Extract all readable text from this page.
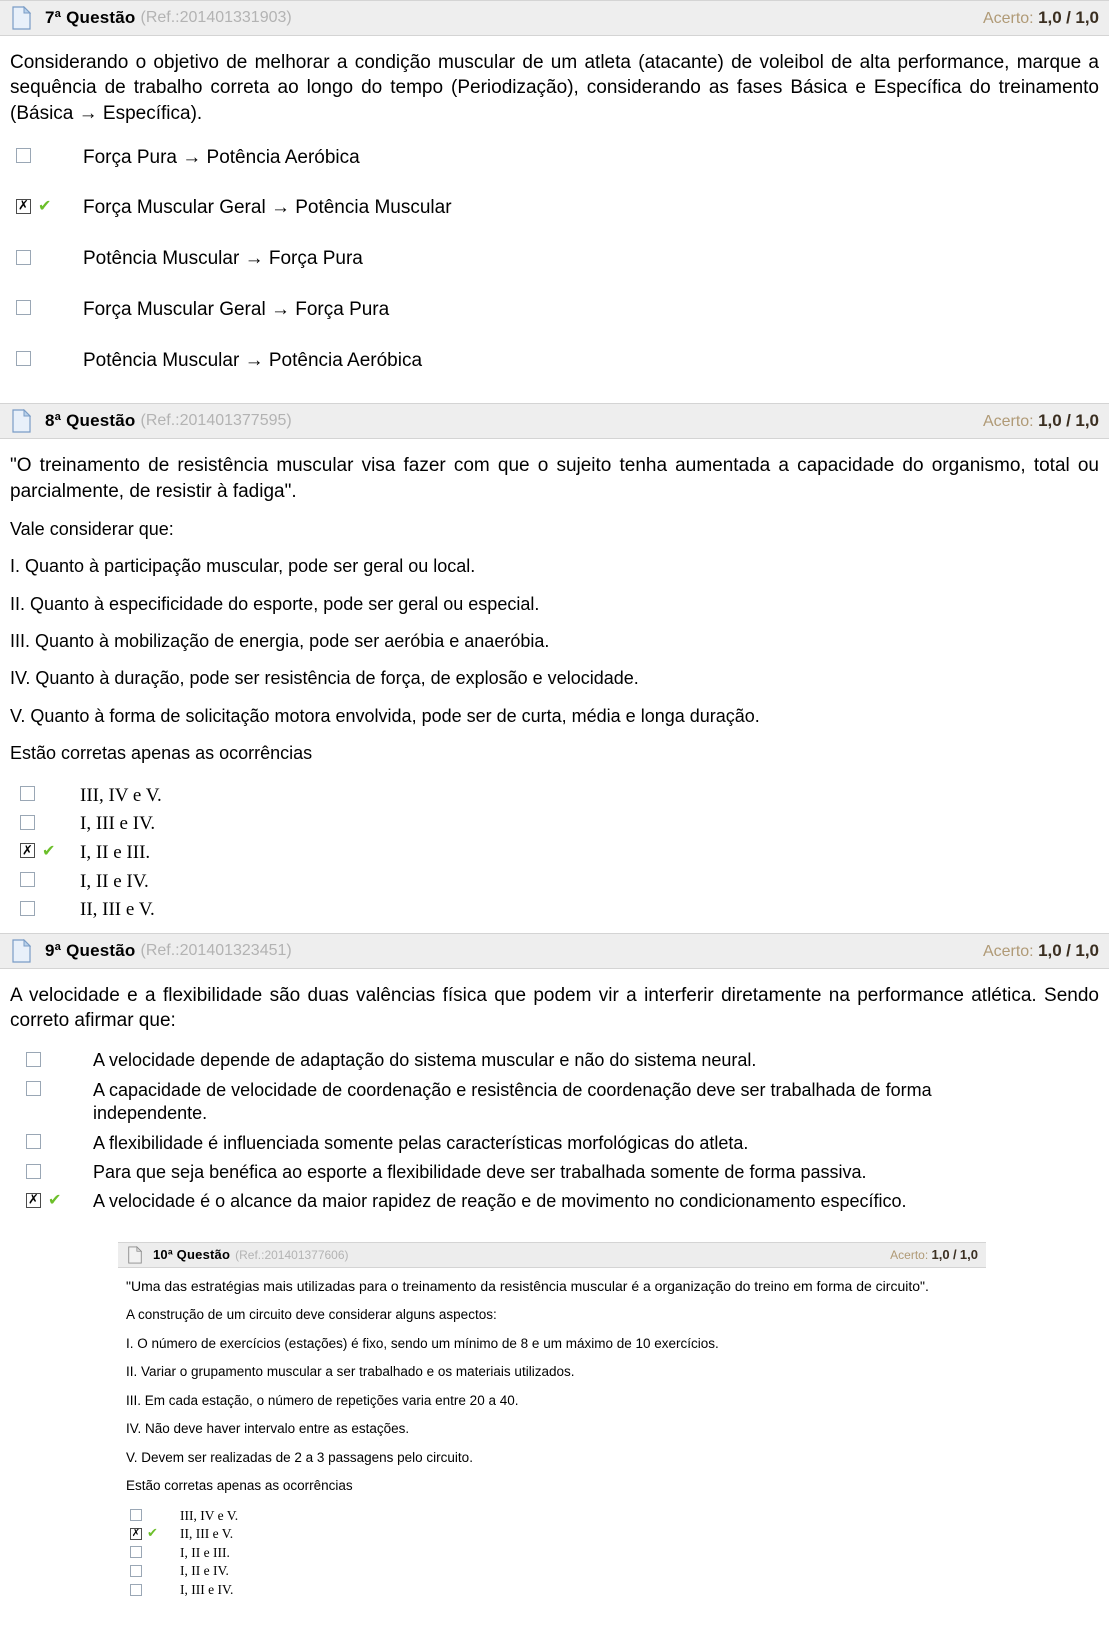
7ª Questão (Ref.:201401331903)	Acerto: 1,0 / 1,0
Considerando o objetivo de melhorar a condição muscular de um atleta (atacante) de voleibol de alta performance, marque a sequência de trabalho correta ao longo do tempo (Periodização), considerando as fases Básica e Específica do treinamento (Básica → Específica).
Força Pura → Potência Aeróbica
✗
✔ Força Muscular Geral → Potência Muscular
Potência Muscular → Força Pura
Força Muscular Geral → Força Pura
Potência Muscular → Potência Aeróbica
8ª Questão (Ref.:201401377595)	Acerto: 1,0 / 1,0
"O treinamento de resistência muscular visa fazer com que o sujeito tenha aumentada a capacidade do organismo, total ou parcialmente, de resistir à fadiga".
Vale considerar que:
I. Quanto à participação muscular, pode ser geral ou local.
II. Quanto à especificidade do esporte, pode ser geral ou especial.
III. Quanto à mobilização de energia, pode ser aeróbia e anaeróbia.
IV. Quanto à duração, pode ser resistência de força, de explosão e velocidade.
V. Quanto à forma de solicitação motora envolvida, pode ser de curta, média e longa duração.
Estão corretas apenas as ocorrências
III, IV e V.
I, III e IV.
✗
✔ I, II e III.
I, II e IV.
II, III e V.
9ª Questão (Ref.:201401323451)	Acerto: 1,0 / 1,0
A velocidade e a flexibilidade são duas valências física que podem vir a interferir diretamente na performance atlética. Sendo correto afirmar que:
A velocidade depende de adaptação do sistema muscular e não do sistema neural.
A capacidade de velocidade de coordenação e resistência de coordenação deve ser trabalhada de forma independente.
A flexibilidade é influenciada somente pelas características morfológicas do atleta.
Para que seja benéfica ao esporte a flexibilidade deve ser trabalhada somente de forma passiva.
✗
✔ A velocidade é o alcance da maior rapidez de reação e de movimento no condicionamento específico.
10ª Questão (Ref.:201401377606)	Acerto: 1,0 / 1,0
"Uma das estratégias mais utilizadas para o treinamento da resistência muscular é a organização do treino em forma de circuito".
A construção de um circuito deve considerar alguns aspectos:
I. O número de exercícios (estações) é fixo, sendo um mínimo de 8 e um máximo de 10 exercícios.
II. Variar o grupamento muscular a ser trabalhado e os materiais utilizados.
III. Em cada estação, o número de repetições varia entre 20 a 40.
IV. Não deve haver intervalo entre as estações.
V. Devem ser realizadas de 2 a 3 passagens pelo circuito.
Estão corretas apenas as ocorrências
III, IV e V.
✗
✔ II, III e V.
I, II e III.
I, II e IV.
I, III e IV.
